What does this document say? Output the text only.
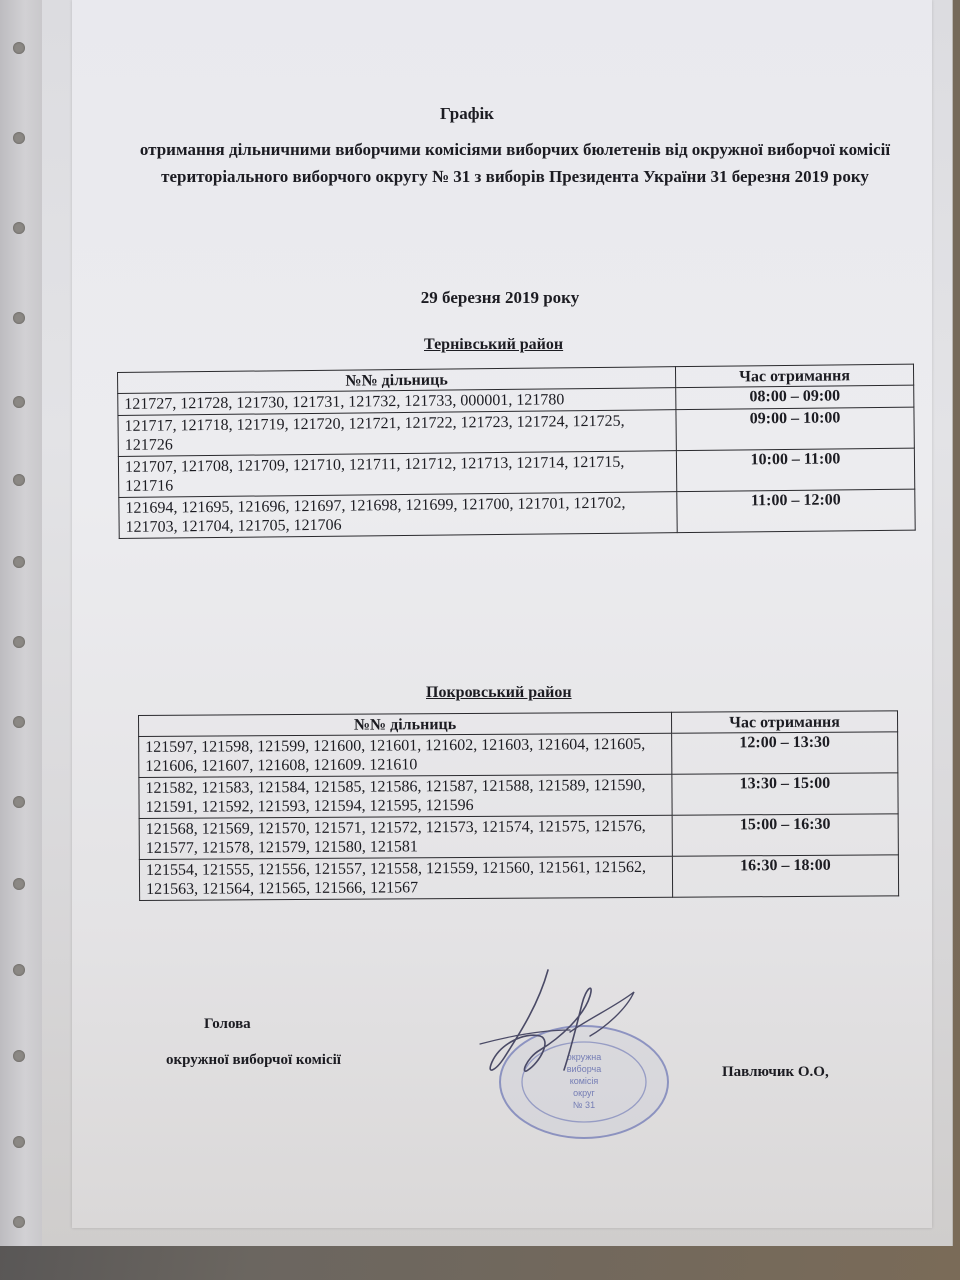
Графік
отримання дільничними виборчими комісіями виборчих бюлетенів від окружної виборчої комісії територіального виборчого округу № 31 з виборів Президента України 31 березня 2019 року
29 березня 2019 року
Тернівський район
№№ дільниць	Час отримання
121727, 121728, 121730, 121731, 121732, 121733, 000001, 121780	08:00 – 09:00
121717, 121718, 121719, 121720, 121721, 121722, 121723, 121724, 121725, 121726	09:00 – 10:00
121707, 121708, 121709, 121710, 121711, 121712, 121713, 121714, 121715, 121716	10:00 – 11:00
121694, 121695, 121696, 121697, 121698, 121699, 121700, 121701, 121702, 121703, 121704, 121705, 121706	11:00 – 12:00
Покровський район
№№ дільниць	Час отримання
121597, 121598, 121599, 121600, 121601, 121602, 121603, 121604, 121605, 121606, 121607, 121608, 121609. 121610	12:00 – 13:30
121582, 121583, 121584, 121585, 121586, 121587, 121588, 121589, 121590, 121591, 121592, 121593, 121594, 121595, 121596	13:30 – 15:00
121568, 121569, 121570, 121571, 121572, 121573, 121574, 121575, 121576, 121577, 121578, 121579, 121580, 121581	15:00 – 16:30
121554, 121555, 121556, 121557, 121558, 121559, 121560, 121561, 121562, 121563, 121564, 121565, 121566, 121567	16:30 – 18:00
Голова
окружної виборчої комісії
Павлючик О.О,
окружна
виборча
комісія
округ
№ 31
